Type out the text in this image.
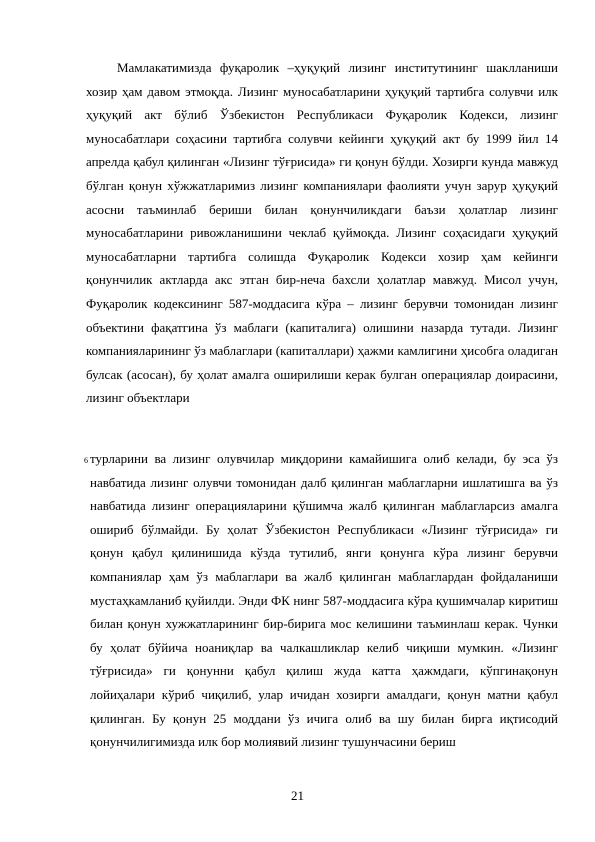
Мамлакатимизда фуқаролик –ҳуқуқий лизинг институтининг шаклланиши хозир ҳам давом этмоқда. Лизинг муносабатларини ҳуқуқий тартибга солувчи илк ҳуқуқий акт бўлиб Ўзбекистон Республикаси Фуқаролик Кодекси, лизинг муносабатлари соҳасини тартибга солувчи кейинги ҳуқуқий акт бу 1999 йил 14 апрелда қабул қилинган «Лизинг тўғрисида» ги қонун бўлди. Хозирги кунда мавжуд бўлган қонун хўжжатларимиз лизинг компаниялари фаолияти учун зарур ҳуқуқий асосни таъминлаб бериши билан қонунчиликдаги баъзи ҳолатлар лизинг муносабатларини ривожланишини чеклаб қуймоқда. Лизинг соҳасидаги ҳуқуқий муносабатларни тартибга солишда Фуқаролик Кодекси хозир ҳам кейинги қонунчилик актларда акс этган бир-неча бахсли ҳолатлар мавжуд. Мисол учун, Фуқаролик кодексининг 587-моддасига кўра – лизинг берувчи томонидан лизинг объектини фақатгина ўз маблаги (капиталига) олишини назарда тутади. Лизинг компанияларининг ўз маблаглари (капиталлари) ҳажми камлигини ҳисобга оладиган булсак (асосан), бу ҳолат амалга оширилиши керак булган операциялар доирасини, лизинг объектлари

6 турларини ва лизинг олувчилар миқдорини камайишига олиб келади, бу эса ўз навбатида лизинг олувчи томонидан далб қилинган маблагларни ишлатишга ва ўз навбатида лизинг операцияларини қўшимча жалб қилинган маблагларсиз амалга ошириб бўлмайди. Бу ҳолат Ўзбекистон Республикаси «Лизинг тўғрисида» ги қонун қабул қилинишида кўзда тутилиб, янги қонунга кўра лизинг берувчи компаниялар ҳам ўз маблаглари ва жалб қилинган маблаглардан фойдаланиши мустаҳкамланиб қуйилди. Энди ФК нинг 587-моддасига кўра қушимчалар киритиш билан қонун хужжатларининг бир-бирига мос келишини таъминлаш керак. Чунки бу ҳолат бўйича ноаниқлар ва чалкашликлар келиб чиқиши мумкин. «Лизинг тўғрисида» ги қонунни қабул қилиш жуда катта ҳажмдаги, кўпгинақонун лойиҳалари кўриб чиқилиб, улар ичидан хозирги амалдаги, қонун матни қабул қилинган. Бу қонун 25 моддани ўз ичига олиб ва шу билан бирга иқтисодий қонунчилигимизда илк бор молиявий лизинг тушунчасини бериш

21
